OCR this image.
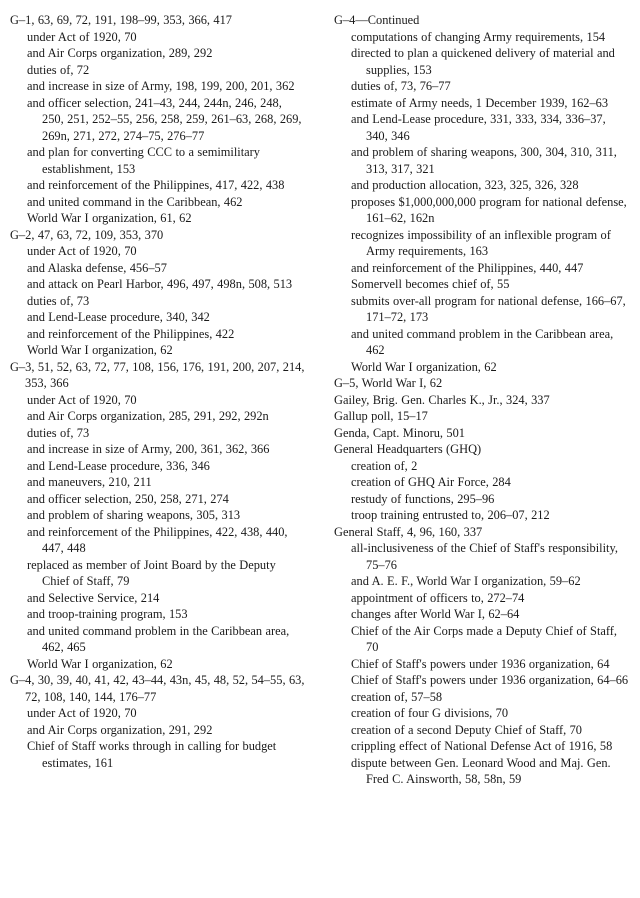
G–1, 63, 69, 72, 191, 198–99, 353, 366, 417
under Act of 1920, 70
and Air Corps organization, 289, 292
duties of, 72
and increase in size of Army, 198, 199, 200, 201, 362
and officer selection, 241–43, 244, 244n, 246, 248, 250, 251, 252–55, 256, 258, 259, 261–63, 268, 269, 269n, 271, 272, 274–75, 276–77
and plan for converting CCC to a semimilitary establishment, 153
and reinforcement of the Philippines, 417, 422, 438
and united command in the Caribbean, 462
World War I organization, 61, 62
G–2, 47, 63, 72, 109, 353, 370
under Act of 1920, 70
and Alaska defense, 456–57
and attack on Pearl Harbor, 496, 497, 498n, 508, 513
duties of, 73
and Lend-Lease procedure, 340, 342
and reinforcement of the Philippines, 422
World War I organization, 62
G–3, 51, 52, 63, 72, 77, 108, 156, 176, 191, 200, 207, 214, 353, 366
under Act of 1920, 70
and Air Corps organization, 285, 291, 292, 292n
duties of, 73
and increase in size of Army, 200, 361, 362, 366
and Lend-Lease procedure, 336, 346
and maneuvers, 210, 211
and officer selection, 250, 258, 271, 274
and problem of sharing weapons, 305, 313
and reinforcement of the Philippines, 422, 438, 440, 447, 448
replaced as member of Joint Board by the Deputy Chief of Staff, 79
and Selective Service, 214
and troop-training program, 153
and united command problem in the Caribbean area, 462, 465
World War I organization, 62
G–4, 30, 39, 40, 41, 42, 43–44, 43n, 45, 48, 52, 54–55, 63, 72, 108, 140, 144, 176–77
under Act of 1920, 70
and Air Corps organization, 291, 292
Chief of Staff works through in calling for budget estimates, 161
G–4—Continued
computations of changing Army requirements, 154
directed to plan a quickened delivery of material and supplies, 153
duties of, 73, 76–77
estimate of Army needs, 1 December 1939, 162–63
and Lend-Lease procedure, 331, 333, 334, 336–37, 340, 346
and problem of sharing weapons, 300, 304, 310, 311, 313, 317, 321
and production allocation, 323, 325, 326, 328
proposes $1,000,000,000 program for national defense, 161–62, 162n
recognizes impossibility of an inflexible program of Army requirements, 163
and reinforcement of the Philippines, 440, 447
Somervell becomes chief of, 55
submits over-all program for national defense, 166–67, 171–72, 173
and united command problem in the Caribbean area, 462
World War I organization, 62
G–5, World War I, 62
Gailey, Brig. Gen. Charles K., Jr., 324, 337
Gallup poll, 15–17
Genda, Capt. Minoru, 501
General Headquarters (GHQ)
creation of, 2
creation of GHQ Air Force, 284
restudy of functions, 295–96
troop training entrusted to, 206–07, 212
General Staff, 4, 96, 160, 337
all-inclusiveness of the Chief of Staff's responsibility, 75–76
and A. E. F., World War I organization, 59–62
appointment of officers to, 272–74
changes after World War I, 62–64
Chief of the Air Corps made a Deputy Chief of Staff, 70
Chief of Staff's powers under 1936 organization, 64
Chief of Staff's powers under 1936 organization, 64–66
creation of, 57–58
creation of four G divisions, 70
creation of a second Deputy Chief of Staff, 70
crippling effect of National Defense Act of 1916, 58
dispute between Gen. Leonard Wood and Maj. Gen. Fred C. Ainsworth, 58, 58n, 59
